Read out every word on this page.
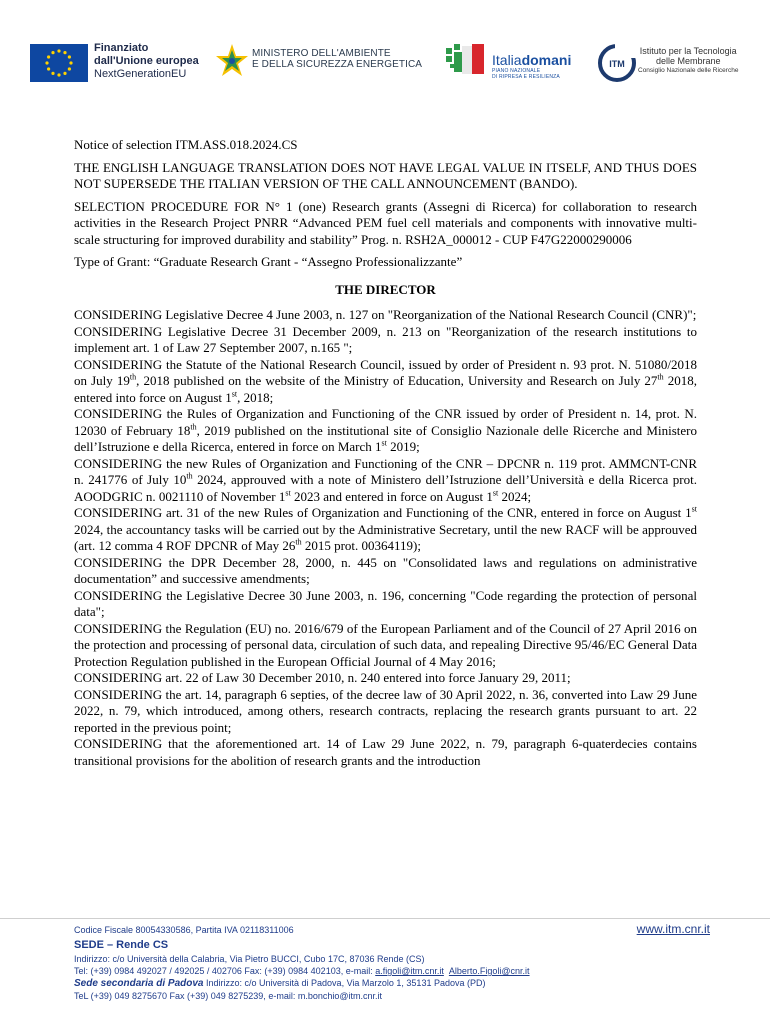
Finanziato
dall'Unione europea
NextGenerationEU
MINISTERO DELL'AMBIENTE
E DELLA SICUREZZA ENERGETICA	Italiadomani
PIANO NAZIONALE
DI RIPRESA E RESILIENZA
ITM
Istituto per la Tecnologia
delle Membrane
Consiglio Nazionale delle Ricerche

Notice of selection ITM.ASS.018.2024.CS

THE ENGLISH LANGUAGE TRANSLATION DOES NOT HAVE LEGAL VALUE IN ITSELF, AND THUS DOES NOT SUPERSEDE THE ITALIAN VERSION OF THE CALL ANNOUNCEMENT (BANDO).

SELECTION PROCEDURE FOR N° 1 (one) Research grants (Assegni di Ricerca) for collaboration to research activities in the Research Project PNRR “Advanced PEM fuel cell materials and components with innovative multi-scale structuring for improved durability and stability” Prog. n. RSH2A_000012 - CUP F47G22000290006

Type of Grant: “Graduate Research Grant - “Assegno Professionalizzante”

THE DIRECTOR

CONSIDERING Legislative Decree 4 June 2003, n. 127 on "Reorganization of the National Research Council (CNR)";

CONSIDERING Legislative Decree 31 December 2009, n. 213 on "Reorganization of the research institutions to implement art. 1 of Law 27 September 2007, n.165 ";

CONSIDERING the Statute of the National Research Council, issued by order of President n. 93 prot. N. 51080/2018 on July 19th, 2018 published on the website of the Ministry of Education, University and Research on July 27th 2018, entered into force on August 1st, 2018;

CONSIDERING the Rules of Organization and Functioning of the CNR issued by order of President n. 14, prot. N. 12030 of February 18th, 2019 published on the institutional site of Consiglio Nazionale delle Ricerche and Ministero dell’Istruzione e della Ricerca, entered in force on March 1st 2019;

CONSIDERING the new Rules of Organization and Functioning of the CNR – DPCNR n. 119 prot. AMMCNT-CNR n. 241776 of July 10th 2024, approuved with a note of Ministero dell’Istruzione dell’Università e della Ricerca prot. AOODGRIC n. 0021110 of November 1st 2023 and entered in force on August 1st 2024;

CONSIDERING art. 31 of the new Rules of Organization and Functioning of the CNR, entered in force on August 1st 2024, the accountancy tasks will be carried out by the Administrative Secretary, until the new RACF will be approuved (art. 12 comma 4 ROF DPCNR of May 26th 2015 prot. 00364119);

CONSIDERING the DPR December 28, 2000, n. 445 on "Consolidated laws and regulations on administrative documentation” and successive amendments;

CONSIDERING the Legislative Decree 30 June 2003, n. 196, concerning "Code regarding the protection of personal data";

CONSIDERING the Regulation (EU) no. 2016/679 of the European Parliament and of the Council of 27 April 2016 on the protection and processing of personal data, circulation of such data, and repealing Directive 95/46/EC General Data Protection Regulation published in the European Official Journal of 4 May 2016;

CONSIDERING art. 22 of Law 30 December 2010, n. 240 entered into force January 29, 2011;

CONSIDERING the art. 14, paragraph 6 septies, of the decree law of 30 April 2022, n. 36, converted into Law 29 June 2022, n. 79, which introduced, among others, research contracts, replacing the research grants pursuant to art. 22 reported in the previous point;

CONSIDERING that the aforementioned art. 14 of Law 29 June 2022, n. 79, paragraph 6-quaterdecies contains transitional provisions for the abolition of research grants and the introduction

Codice Fiscale 80054330586, Partita IVA 02118311006	www.itm.cnr.it
SEDE – Rende CS
Indirizzo: c/o Università della Calabria, Via Pietro BUCCI, Cubo 17C, 87036 Rende (CS)
Tel: (+39) 0984 492027 / 492025 / 402706 Fax: (+39) 0984 402103, e-mail: a.figoli@itm.cnr.it Alberto.Figoli@cnr.it
Sede secondaria di Padova Indirizzo: c/o Università di Padova, Via Marzolo 1, 35131 Padova (PD)
TeL (+39) 049 8275670 Fax (+39) 049 8275239, e-mail: m.bonchio@itm.cnr.it
